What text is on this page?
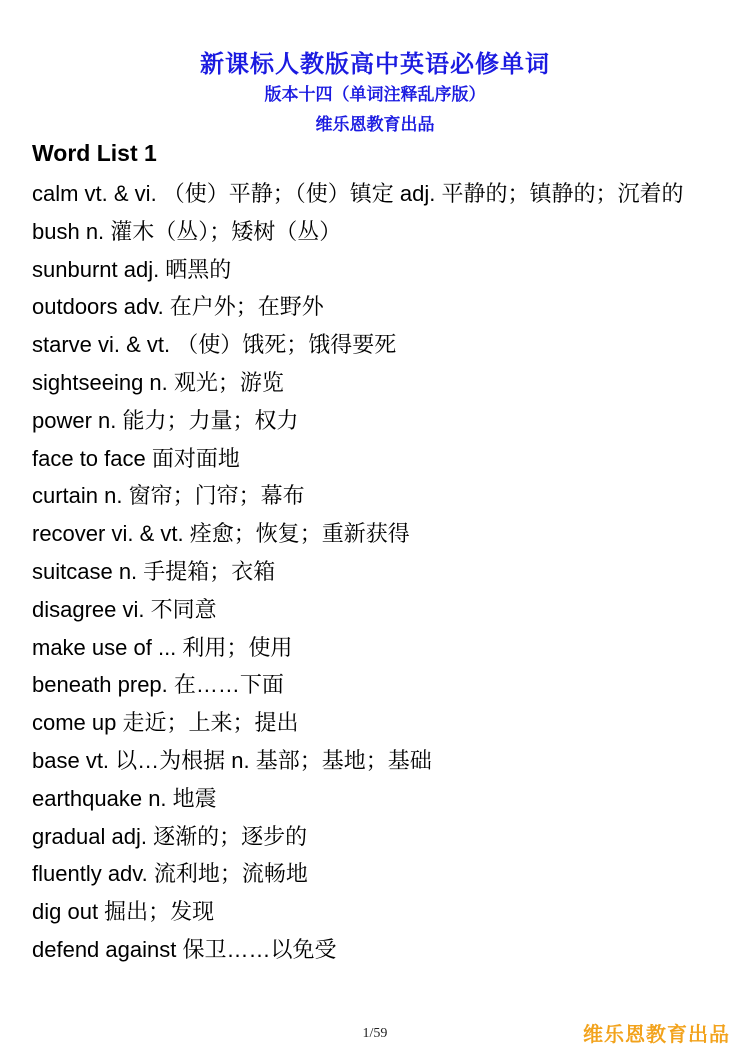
新课标人教版高中英语必修单词
版本十四（单词注释乱序版）
维乐恩教育出品
Word List 1
calm vt. & vi. （使）平静；（使）镇定 adj. 平静的；镇静的；沉着的
bush n. 灌木（丛）；矮树（丛）
sunburnt adj. 晒黑的
outdoors adv. 在户外；在野外
starve vi. & vt. （使）饿死；饿得要死
sightseeing n. 观光；游览
power n. 能力；力量；权力
face to face 面对面地
curtain n. 窗帘；门帘；幕布
recover vi. & vt. 痊愈；恢复；重新获得
suitcase n. 手提箱；衣箱
disagree vi. 不同意
make use of ... 利用；使用
beneath prep. 在……下面
come up 走近；上来；提出
base vt. 以…为根据 n. 基部；基地；基础
earthquake n. 地震
gradual adj. 逐渐的；逐步的
fluently adv. 流利地；流畅地
dig out 掘出；发现
defend against 保卫……以免受
1/59	维乐恩教育出品
